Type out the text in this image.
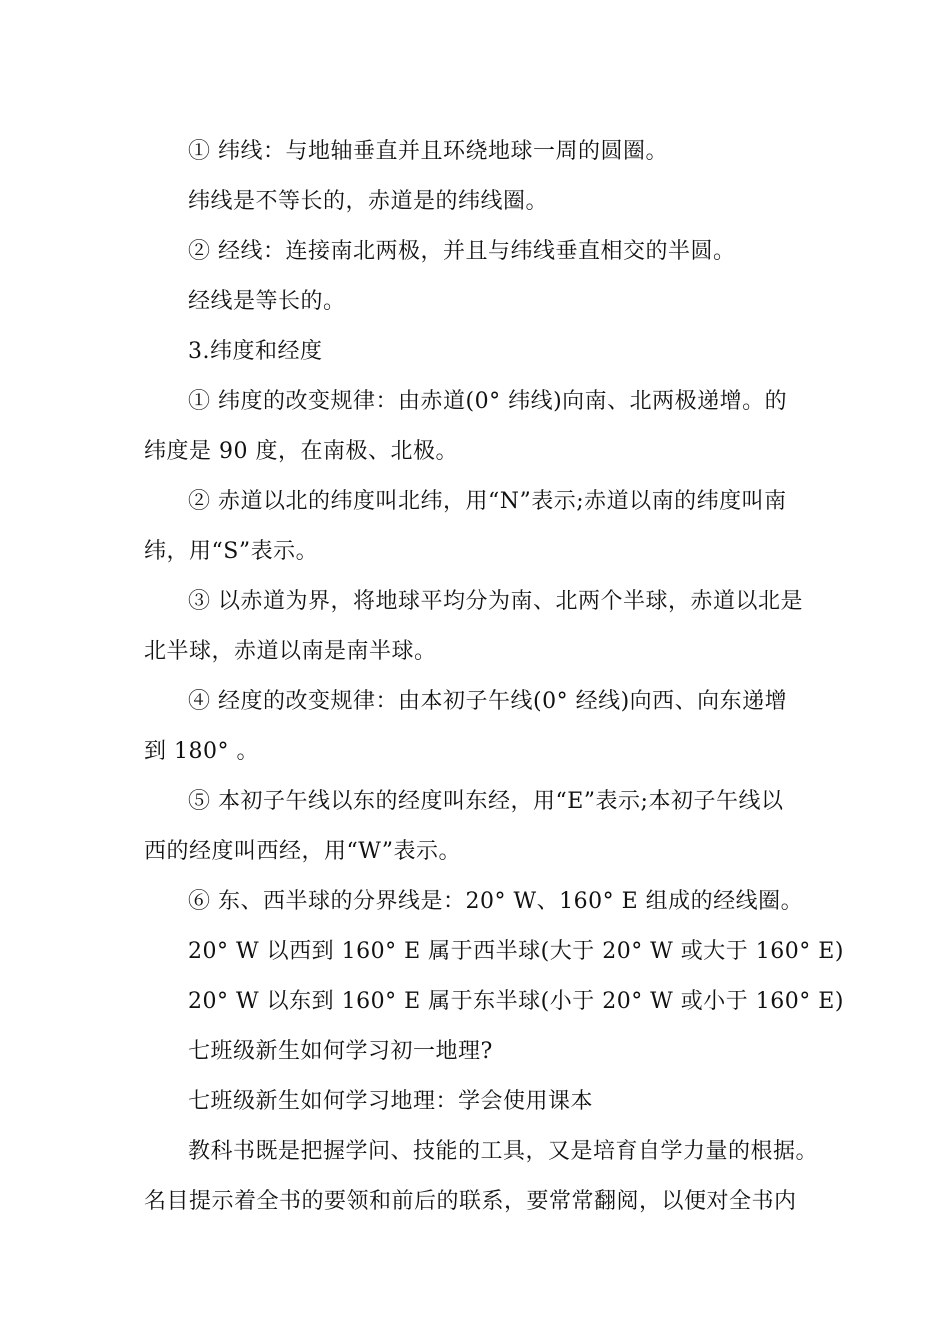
① 纬线：与地轴垂直并且环绕地球一周的圆圈。
纬线是不等长的，赤道是的纬线圈。
② 经线：连接南北两极，并且与纬线垂直相交的半圆。
经线是等长的。
3.纬度和经度
① 纬度的改变规律：由赤道(0° 纬线)向南、北两极递增。的
纬度是 90 度，在南极、北极。
② 赤道以北的纬度叫北纬，用“N”表示;赤道以南的纬度叫南
纬，用“S”表示。
③ 以赤道为界，将地球平均分为南、北两个半球，赤道以北是
北半球，赤道以南是南半球。
④ 经度的改变规律：由本初子午线(0° 经线)向西、向东递增
到 180° 。
⑤ 本初子午线以东的经度叫东经，用“E”表示;本初子午线以
西的经度叫西经，用“W”表示。
⑥ 东、西半球的分界线是：20° W、160° E 组成的经线圈。
20° W 以西到 160° E 属于西半球(大于 20° W 或大于 160° E)
20° W 以东到 160° E 属于东半球(小于 20° W 或小于 160° E)
七班级新生如何学习初一地理?
七班级新生如何学习地理：学会使用课本
教科书既是把握学问、技能的工具，又是培育自学力量的根据。
名目提示着全书的要领和前后的联系，要常常翻阅，以便对全书内
